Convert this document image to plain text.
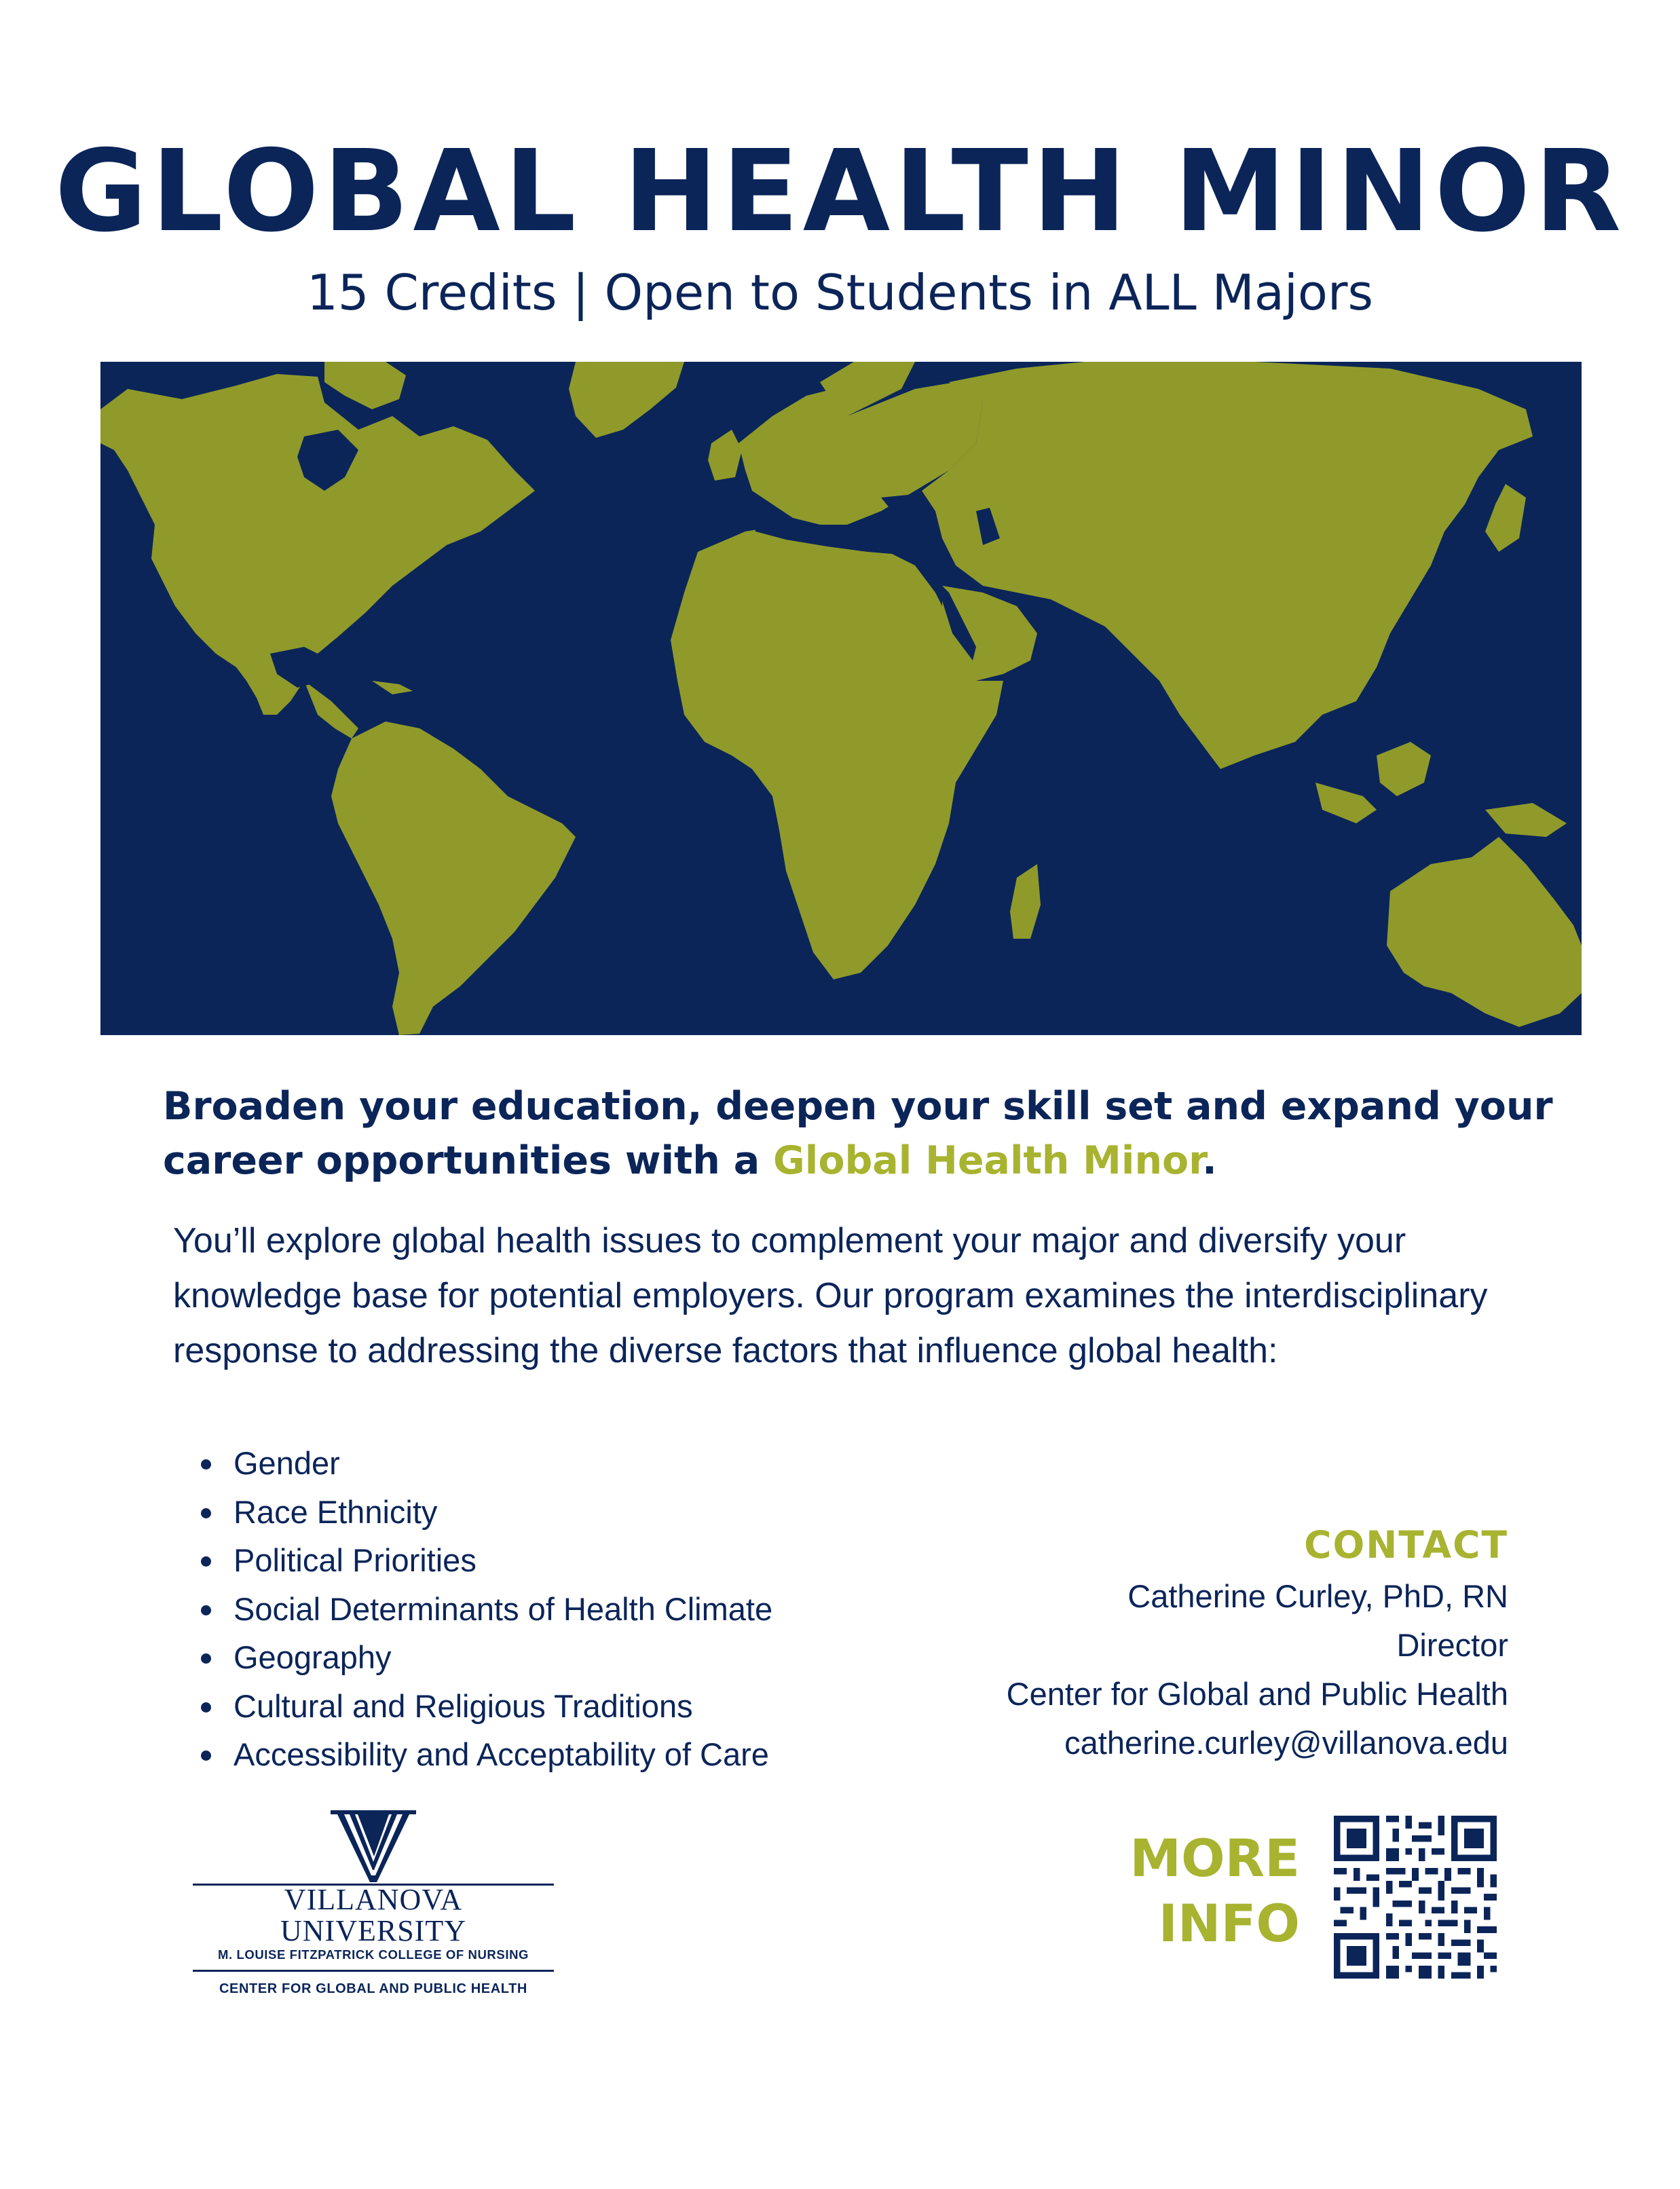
GLOBAL HEALTH MINOR
15 Credits | Open to Students in ALL Majors
Broaden your education, deepen your skill set and expand your career opportunities with a Global Health Minor.
You’ll explore global health issues to complement your major and diversify your knowledge base for potential employers. Our program examines the interdisciplinary response to addressing the diverse factors that influence global health:
Gender
Race Ethnicity
Political Priorities
Social Determinants of Health Climate
Geography
Cultural and Religious Traditions
Accessibility and Acceptability of Care
CONTACT
Catherine Curley, PhD, RN
Director
Center for Global and Public Health
catherine.curley@villanova.edu
VILLANOVA UNIVERSITY
M. LOUISE FITZPATRICK COLLEGE OF NURSING
CENTER FOR GLOBAL AND PUBLIC HEALTH
MORE
INFO
